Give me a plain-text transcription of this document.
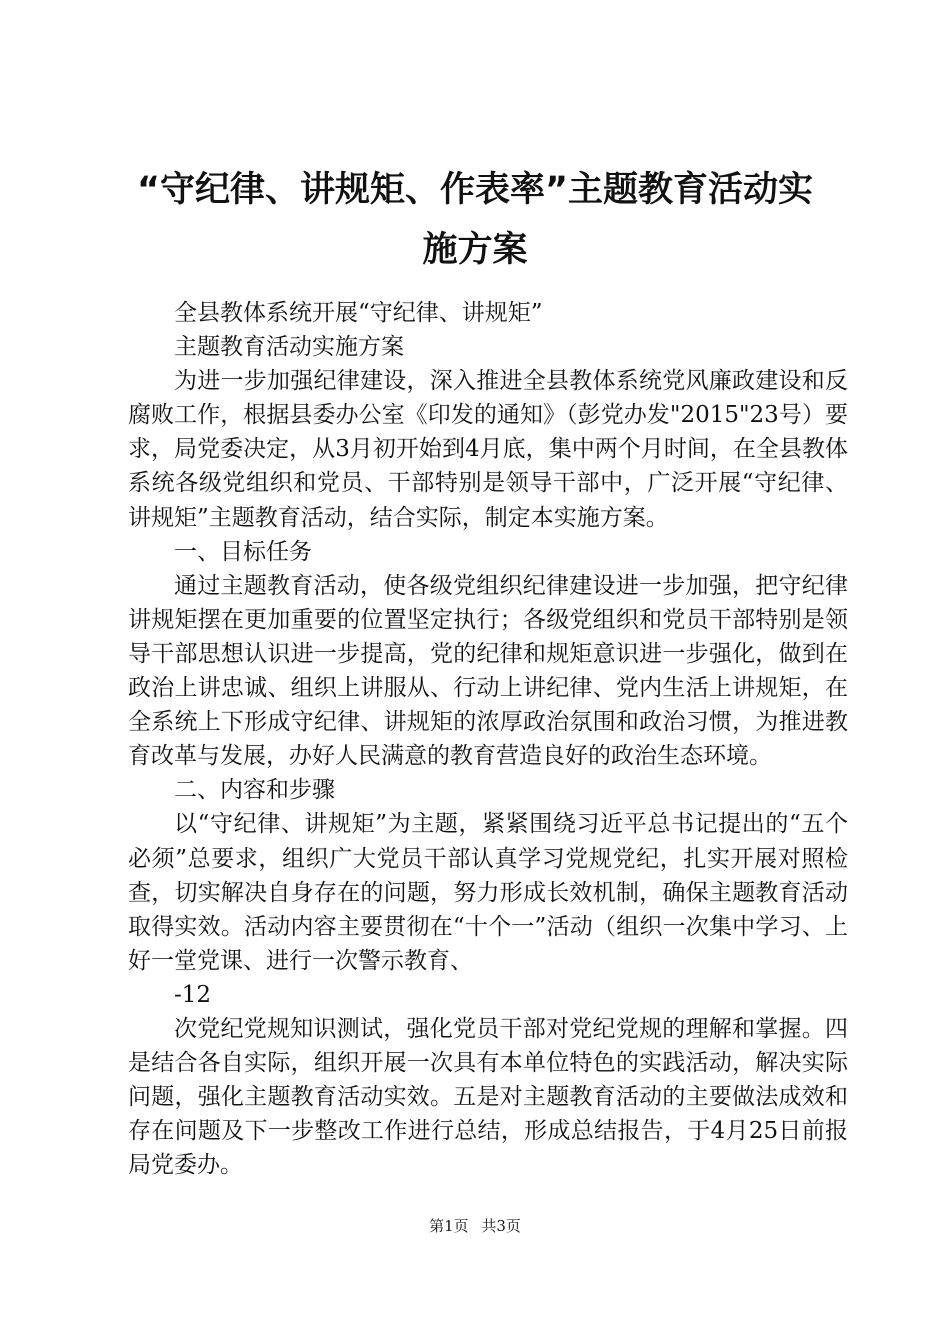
“守纪律、讲规矩、作表率”主题教育活动实
施方案

全县教体系统开展“守纪律、讲规矩”

主题教育活动实施方案

为进一步加强纪律建设，深入推进全县教体系统党风廉政建设和反腐败工作，根据县委办公室《印发的通知》（彭党办发"2015"23号）要求，局党委决定，从3月初开始到4月底，集中两个月时间，在全县教体系统各级党组织和党员、干部特别是领导干部中，广泛开展“守纪律、讲规矩”主题教育活动，结合实际，制定本实施方案。

一、目标任务

通过主题教育活动，使各级党组织纪律建设进一步加强，把守纪律讲规矩摆在更加重要的位置坚定执行；各级党组织和党员干部特别是领导干部思想认识进一步提高，党的纪律和规矩意识进一步强化，做到在政治上讲忠诚、组织上讲服从、行动上讲纪律、党内生活上讲规矩，在全系统上下形成守纪律、讲规矩的浓厚政治氛围和政治习惯，为推进教育改革与发展，办好人民满意的教育营造良好的政治生态环境。

二、内容和步骤

以“守纪律、讲规矩”为主题，紧紧围绕习近平总书记提出的“五个必须”总要求，组织广大党员干部认真学习党规党纪，扎实开展对照检查，切实解决自身存在的问题，努力形成长效机制，确保主题教育活动取得实效。活动内容主要贯彻在“十个一”活动（组织一次集中学习、上好一堂党课、进行一次警示教育、

-12

次党纪党规知识测试，强化党员干部对党纪党规的理解和掌握。四是结合各自实际，组织开展一次具有本单位特色的实践活动，解决实际问题，强化主题教育活动实效。五是对主题教育活动的主要做法成效和存在问题及下一步整改工作进行总结，形成总结报告，于4月25日前报局党委办。

第1页 共3页
